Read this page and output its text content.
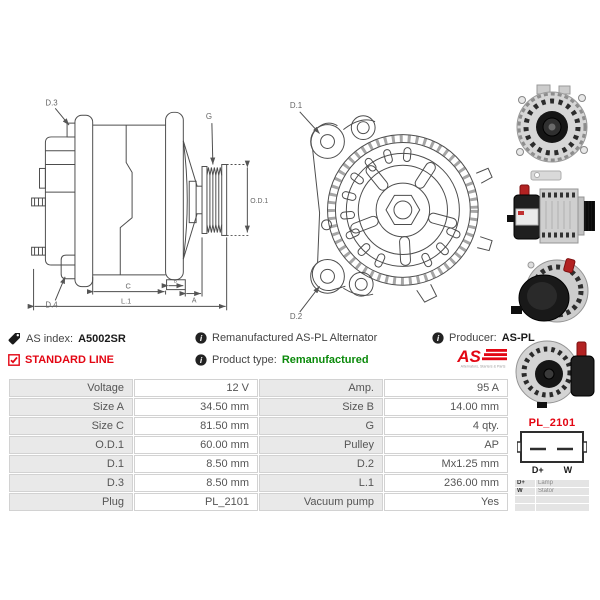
D.3
G
O.D.1
D.4
C	B
A
L.1
D.1
D.2
PL_2101
D+ W
D+	Lamp
W	Stator

AS index: A5002SR	i Remanufactured AS-PL Alternator	i Producer: AS-PL
STANDARD LINE	i Product type: Remanufactured	AS
Alternators, Starters & Parts
Voltage	12 V	Amp.	95 A
Size A	34.50 mm	Size B	14.00 mm
Size C	81.50 mm	G	4 qty.
O.D.1	60.00 mm	Pulley	AP
D.1	8.50 mm	D.2	Mx1.25 mm
D.3	8.50 mm	L.1	236.00 mm
Plug	PL_2101	Vacuum pump	Yes
